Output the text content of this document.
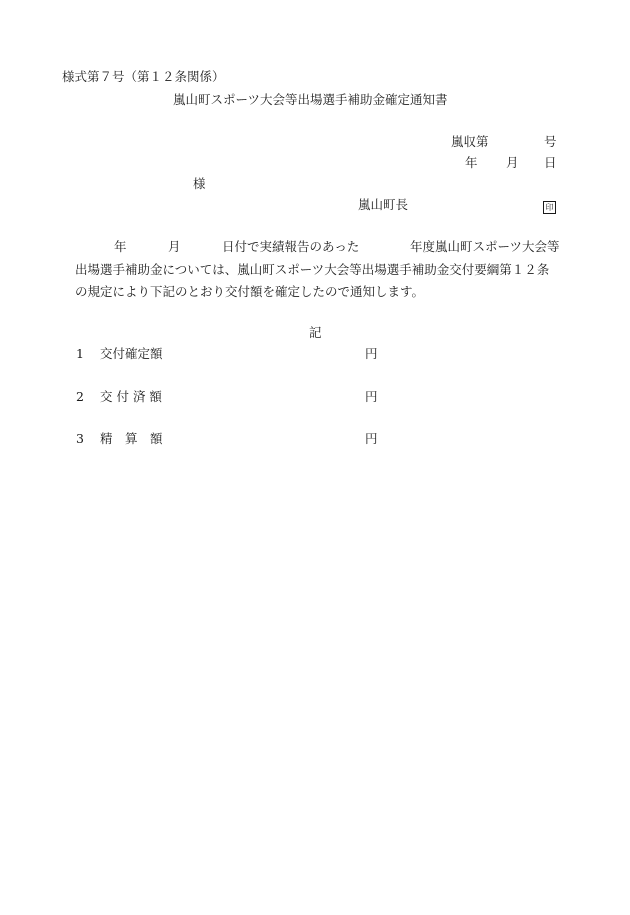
様式第７号（第１２条関係）
嵐山町スポーツ大会等出場選手補助金確定通知書
嵐収第	号
年 月 日
様
嵐山町長	印
年	月	日付で実績報告のあった	年度嵐山町スポーツ大会等
出場選手補助金については、嵐山町スポーツ大会等出場選手補助金交付要綱第１２条
の規定により下記のとおり交付額を確定したので通知します。
記
1 交付確定額	円
2 交 付 済 額	円
3 精　算　額	円
